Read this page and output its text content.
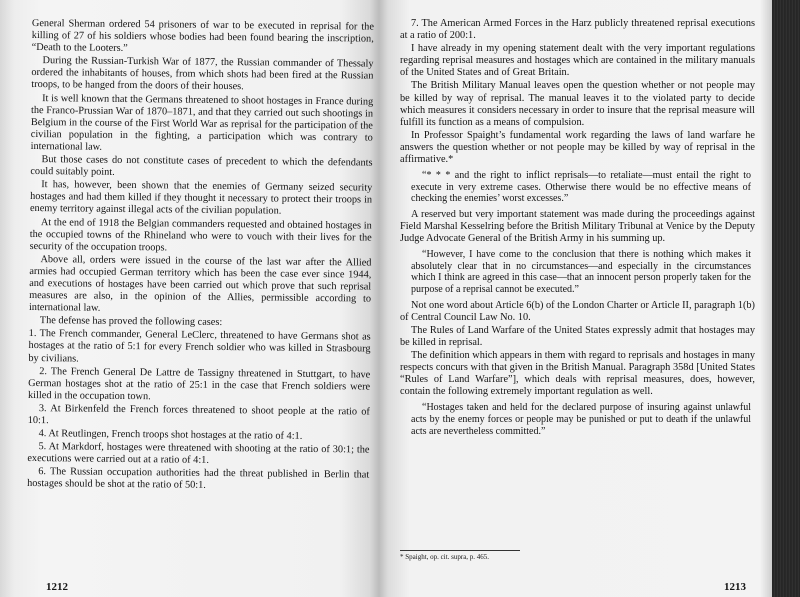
General Sherman ordered 54 prisoners of war to be executed in reprisal for the killing of 27 of his soldiers whose bodies had been found bearing the inscription, “Death to the Looters.”

During the Russian-Turkish War of 1877, the Russian commander of Thessaly ordered the inhabitants of houses, from which shots had been fired at the Russian troops, to be hanged from the doors of their houses.

It is well known that the Germans threatened to shoot hostages in France during the Franco-Prussian War of 1870–1871, and that they carried out such shootings in Belgium in the course of the First World War as reprisal for the participation of the civilian population in the fighting, a participation which was contrary to international law.

But those cases do not constitute cases of precedent to which the defendants could suitably point.

It has, however, been shown that the enemies of Germany seized security hostages and had them killed if they thought it necessary to protect their troops in enemy territory against illegal acts of the civilian population.

At the end of 1918 the Belgian commanders requested and obtained hostages in the occupied towns of the Rhineland who were to vouch with their lives for the security of the occupation troops.

Above all, orders were issued in the course of the last war after the Allied armies had occupied German territory which has been the case ever since 1944, and executions of hostages have been carried out which prove that such reprisal measures are also, in the opinion of the Allies, permissible according to international law.

The defense has proved the following cases:

1. The French commander, General LeClerc, threatened to have Germans shot as hostages at the ratio of 5:1 for every French soldier who was killed in Strasbourg by civilians.

2. The French General De Lattre de Tassigny threatened in Stuttgart, to have German hostages shot at the ratio of 25:1 in the case that French soldiers were killed in the occupation town.

3. At Birkenfeld the French forces threatened to shoot people at the ratio of 10:1.

4. At Reutlingen, French troops shot hostages at the ratio of 4:1.

5. At Markdorf, hostages were threatened with shooting at the ratio of 30:1; the executions were carried out at a ratio of 4:1.

6. The Russian occupation authorities had the threat published in Berlin that hostages should be shot at the ratio of 50:1.

1212

7. The American Armed Forces in the Harz publicly threatened reprisal executions at a ratio of 200:1.

I have already in my opening statement dealt with the very important regulations regarding reprisal measures and hostages which are contained in the military manuals of the United States and of Great Britain.

The British Military Manual leaves open the question whether or not people may be killed by way of reprisal. The manual leaves it to the violated party to decide which measures it considers necessary in order to insure that the reprisal measure will fulfill its function as a means of compulsion.

In Professor Spaight’s fundamental work regarding the laws of land warfare he answers the question whether or not people may be killed by way of reprisal in the affirmative.*

“* * * and the right to inflict reprisals—to retaliate—must entail the right to execute in very extreme cases. Otherwise there would be no effective means of checking the enemies’ worst excesses.”

A reserved but very important statement was made during the proceedings against Field Marshal Kesselring before the British Military Tribunal at Venice by the Deputy Judge Advocate General of the British Army in his summing up.

“However, I have come to the conclusion that there is nothing which makes it absolutely clear that in no circumstances—and especially in the circumstances which I think are agreed in this case—that an innocent person properly taken for the purpose of a reprisal cannot be executed.”

Not one word about Article 6(b) of the London Charter or Article II, paragraph 1(b) of Central Council Law No. 10.

The Rules of Land Warfare of the United States expressly admit that hostages may be killed in reprisal.

The definition which appears in them with regard to reprisals and hostages in many respects concurs with that given in the British Manual. Paragraph 358d [United States “Rules of Land Warfare”], which deals with reprisal measures, does, however, contain the following extremely important regulation as well.

“Hostages taken and held for the declared purpose of insuring against unlawful acts by the enemy forces or people may be punished or put to death if the unlawful acts are nevertheless committed.”

* Spaight, op. cit. supra, p. 465.
1213
